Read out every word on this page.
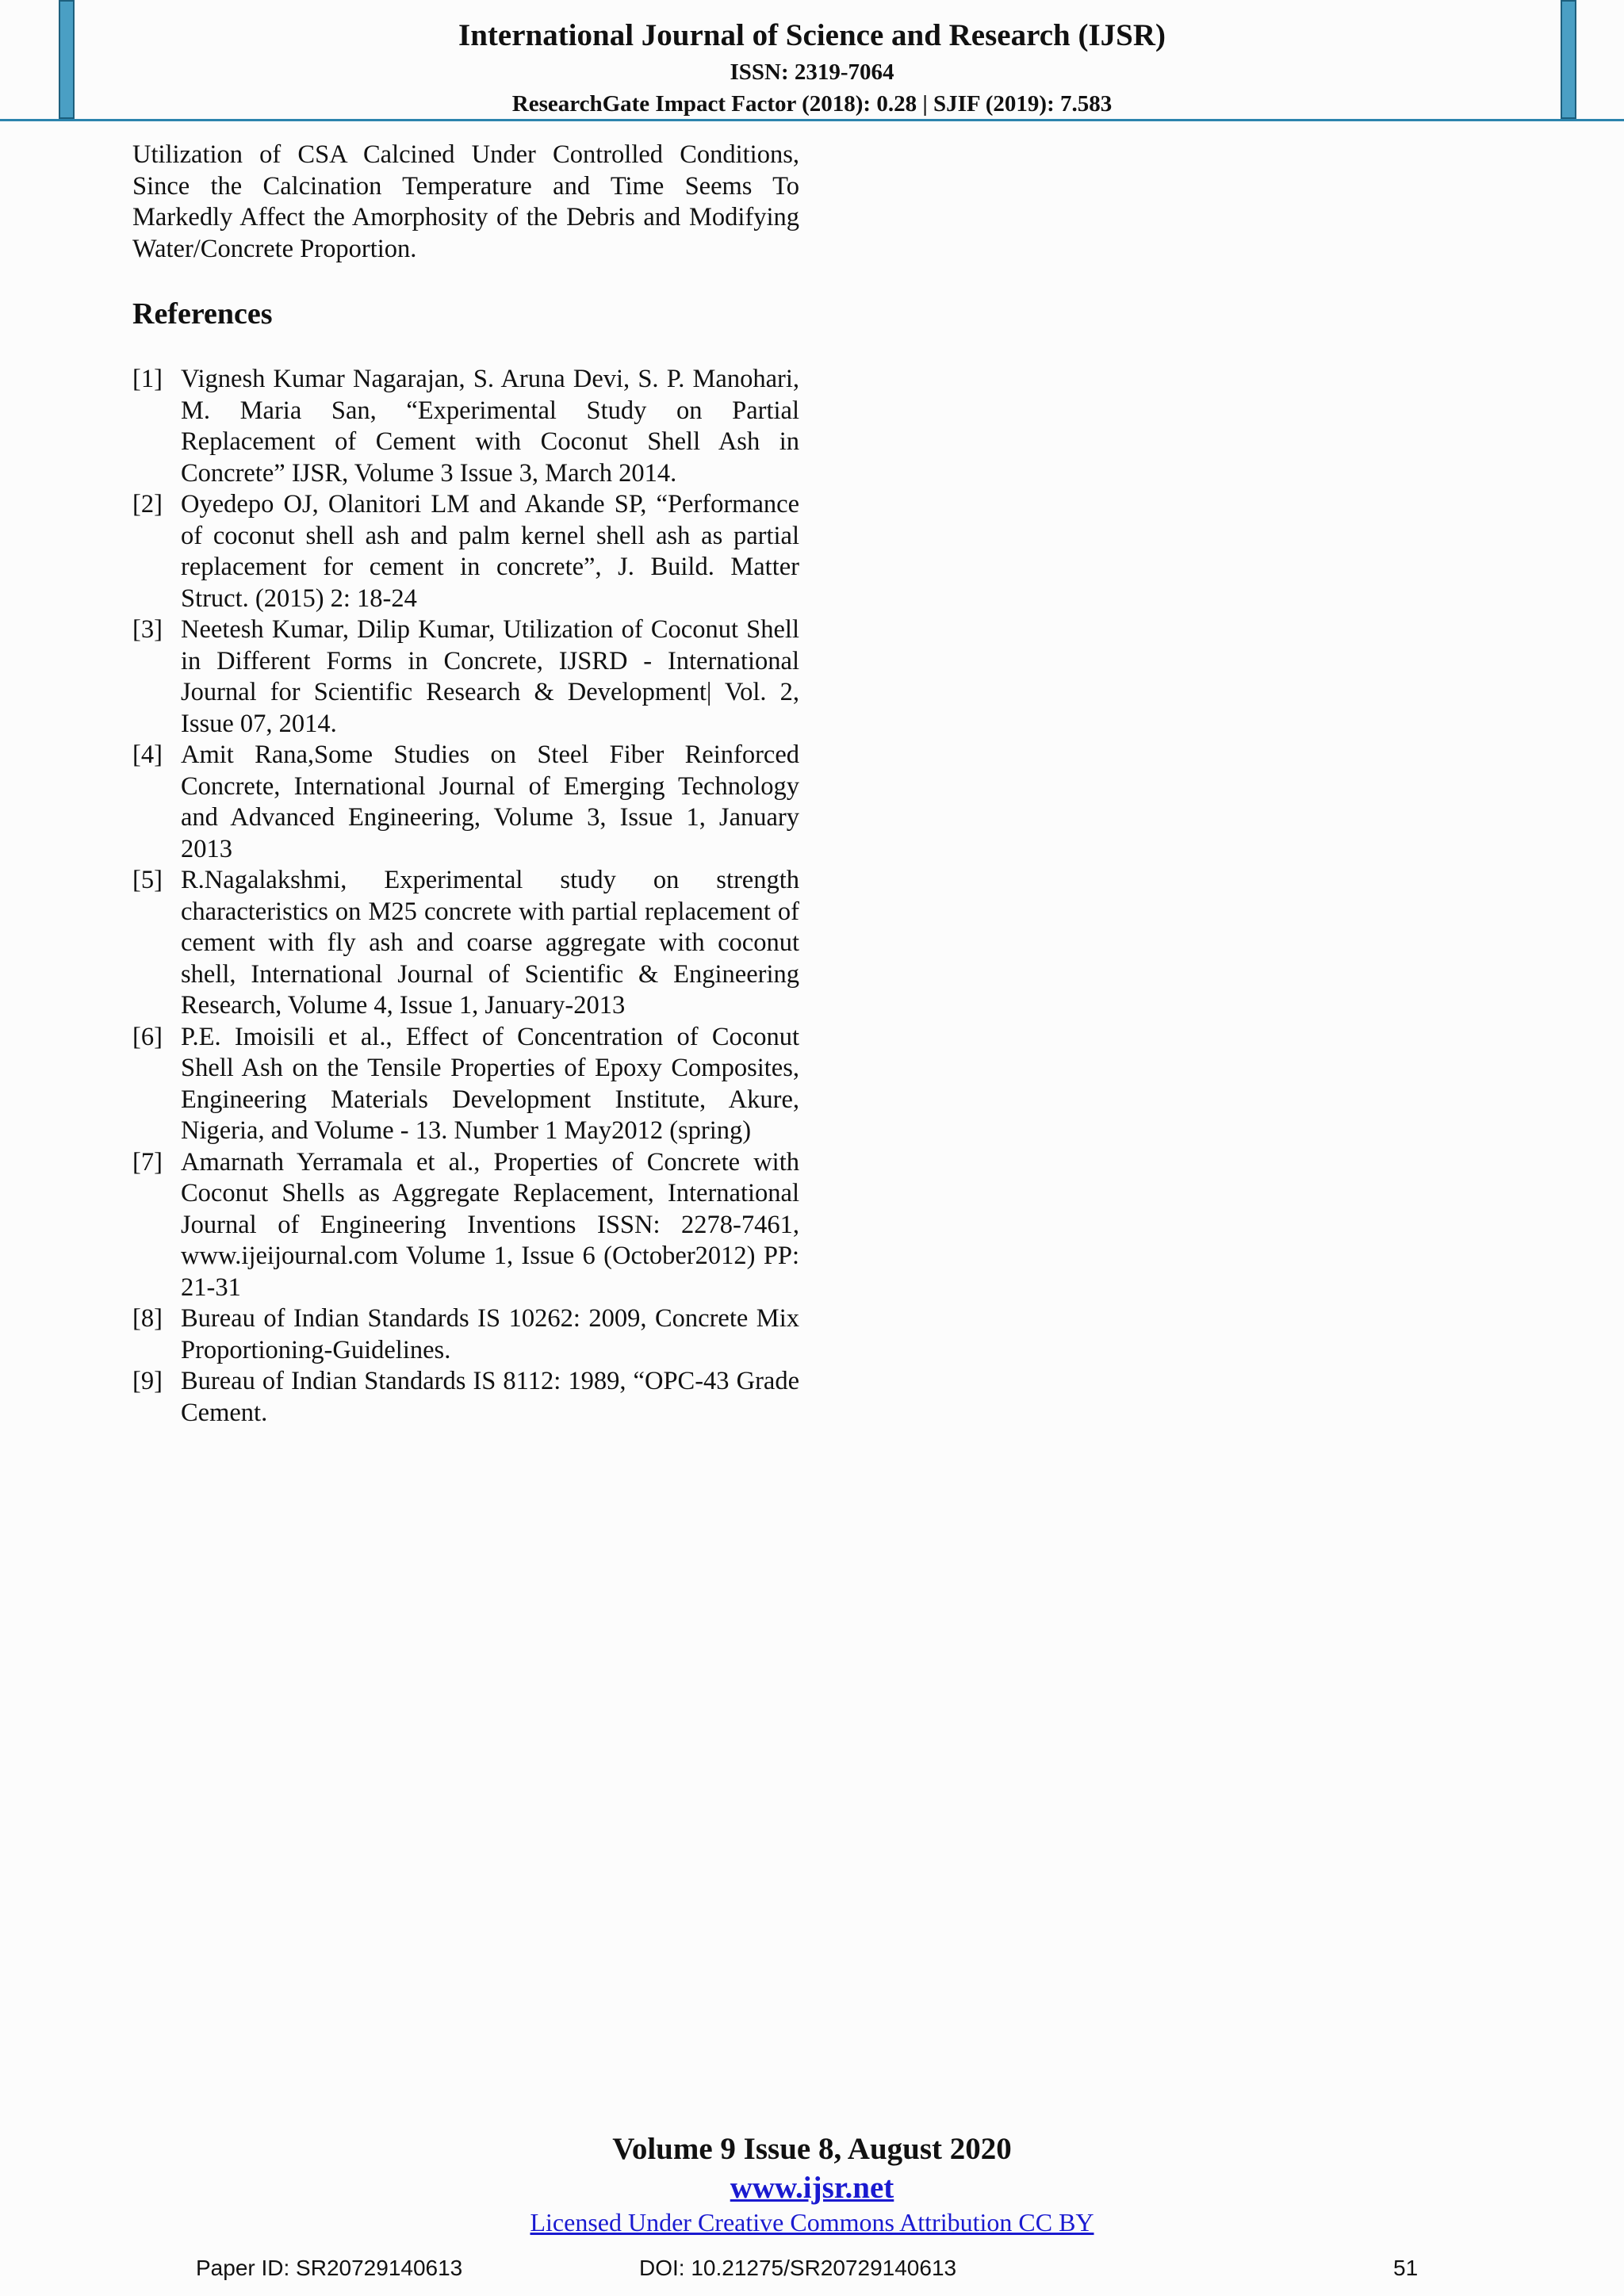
International Journal of Science and Research (IJSR)
ISSN: 2319-7064
ResearchGate Impact Factor (2018): 0.28 | SJIF (2019): 7.583
Utilization of CSA Calcined Under Controlled Conditions, Since the Calcination Temperature and Time Seems To Markedly Affect the Amorphosity of the Debris and Modifying Water/Concrete Proportion.
References
[1] Vignesh Kumar Nagarajan, S. Aruna Devi, S. P. Manohari, M. Maria San, “Experimental Study on Partial Replacement of Cement with Coconut Shell Ash in Concrete” IJSR, Volume 3 Issue 3, March 2014.
[2] Oyedepo OJ, Olanitori LM and Akande SP, “Performance of coconut shell ash and palm kernel shell ash as partial replacement for cement in concrete”, J. Build. Matter Struct. (2015) 2: 18-24
[3] Neetesh Kumar, Dilip Kumar, Utilization of Coconut Shell in Different Forms in Concrete, IJSRD - International Journal for Scientific Research & Development| Vol. 2, Issue 07, 2014.
[4] Amit Rana,Some Studies on Steel Fiber Reinforced Concrete, International Journal of Emerging Technology and Advanced Engineering, Volume 3, Issue 1, January 2013
[5] R.Nagalakshmi, Experimental study on strength characteristics on M25 concrete with partial replacement of cement with fly ash and coarse aggregate with coconut shell, International Journal of Scientific & Engineering Research, Volume 4, Issue 1, January-2013
[6] P.E. Imoisili et al., Effect of Concentration of Coconut Shell Ash on the Tensile Properties of Epoxy Composites, Engineering Materials Development Institute, Akure, Nigeria, and Volume - 13. Number 1 May2012 (spring)
[7] Amarnath Yerramala et al., Properties of Concrete with Coconut Shells as Aggregate Replacement, International Journal of Engineering Inventions ISSN: 2278-7461, www.ijeijournal.com Volume 1, Issue 6 (October2012) PP: 21-31
[8] Bureau of Indian Standards IS 10262: 2009, Concrete Mix Proportioning-Guidelines.
[9] Bureau of Indian Standards IS 8112: 1989, “OPC-43 Grade Cement.
Volume 9 Issue 8, August 2020
www.ijsr.net
Licensed Under Creative Commons Attribution CC BY
Paper ID: SR20729140613	DOI: 10.21275/SR20729140613	51
